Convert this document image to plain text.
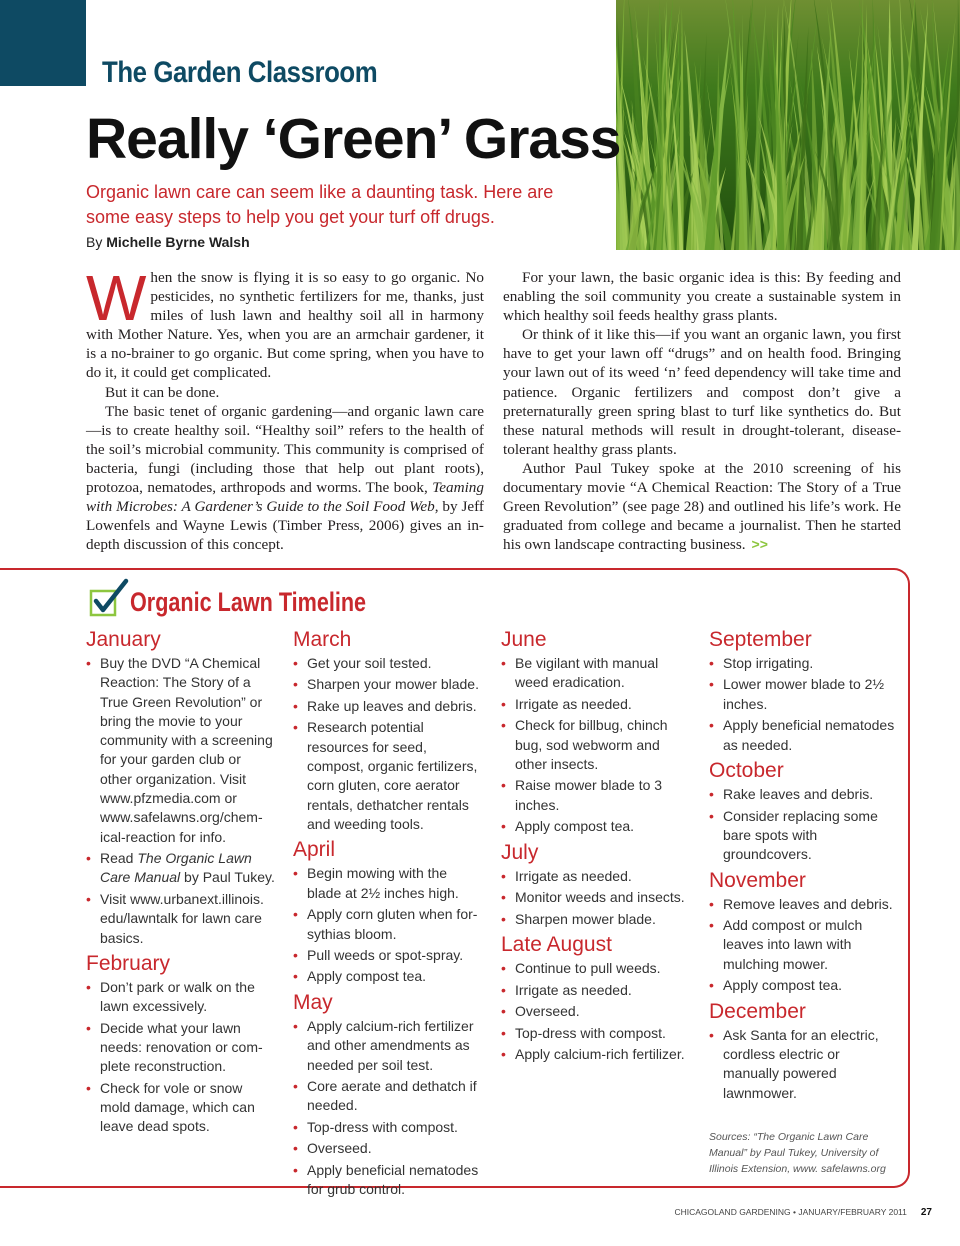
The Garden Classroom
Really ‘Green’ Grass
Organic lawn care can seem like a daunting task. Here are some easy steps to help you get your turf off drugs.
By Michelle Byrne Walsh

When the snow is flying it is so easy to go organic. No pesticides, no synthetic fertilizers for me, thanks, just miles of lush lawn and healthy soil all in harmony with Mother Nature. Yes, when you are an armchair gardener, it is a no-brainer to go organic. But come spring, when you have to do it, it could get complicated.

But it can be done.

The basic tenet of organic gardening—and organic lawn care—is to create healthy soil. “Healthy soil” refers to the health of the soil’s microbial community. This community is comprised of bacteria, fungi (including those that help out plant roots), protozoa, nematodes, arthropods and worms. The book, Teaming with Microbes: A Gardener’s Guide to the Soil Food Web, by Jeff Lowenfels and Wayne Lewis (Timber Press, 2006) gives an in-depth discussion of this concept.

For your lawn, the basic organic idea is this: By feeding and enabling the soil community you create a sustainable system in which healthy soil feeds healthy grass plants.

Or think of it like this—if you want an organic lawn, you first have to get your lawn off “drugs” and on health food. Bringing your lawn out of its weed ‘n’ feed dependency will take time and patience. Organic fertilizers and compost don’t give a preternaturally green spring blast to turf like synthetics do. But these natural methods will result in drought-tolerant, disease-tolerant healthy grass plants.

Author Paul Tukey spoke at the 2010 screening of his documentary movie “A Chemical Reaction: The Story of a True Green Revolution” (see page 28) and outlined his life’s work. He graduated from college and became a journalist. Then he started his own landscape contracting business. >>

Organic Lawn Timeline
January
• Buy the DVD “A Chemical Reaction: The Story of a True Green Revolution” or bring the movie to your community with a screening for your garden club or other organization. Visit www.pfzmedia.com or www.safelawns.org/chem-ical-reaction for info.
• Read The Organic Lawn Care Manual by Paul Tukey.
• Visit www.urbanext.illinois. edu/lawntalk for lawn care basics.
February
• Don’t park or walk on the lawn excessively.
• Decide what your lawn needs: renovation or com-plete reconstruction.
• Check for vole or snow mold damage, which can leave dead spots.
March
• Get your soil tested.
• Sharpen your mower blade.
• Rake up leaves and debris.
• Research potential resources for seed, compost, organic fertilizers, corn gluten, core aerator rentals, dethatcher rentals and weeding tools.
April
• Begin mowing with the blade at 2½ inches high.
• Apply corn gluten when for-sythias bloom.
• Pull weeds or spot-spray.
• Apply compost tea.
May
• Apply calcium-rich fertilizer and other amendments as needed per soil test.
• Core aerate and dethatch if needed.
• Top-dress with compost.
• Overseed.
• Apply beneficial nematodes for grub control.
June
• Be vigilant with manual weed eradication.
• Irrigate as needed.
• Check for billbug, chinch bug, sod webworm and other insects.
• Raise mower blade to 3 inches.
• Apply compost tea.
July
• Irrigate as needed.
• Monitor weeds and insects.
• Sharpen mower blade.
Late August
• Continue to pull weeds.
• Irrigate as needed.
• Overseed.
• Top-dress with compost.
• Apply calcium-rich fertilizer.
September
• Stop irrigating.
• Lower mower blade to 2½ inches.
• Apply beneficial nematodes as needed.
October
• Rake leaves and debris.
• Consider replacing some bare spots with groundcovers.
November
• Remove leaves and debris.
• Add compost or mulch leaves into lawn with mulching mower.
• Apply compost tea.
December
• Ask Santa for an electric, cordless electric or manually powered lawnmower.
Sources: “The Organic Lawn Care Manual” by Paul Tukey, University of Illinois Extension, www. safelawns.org
CHICAGOLAND GARDENING • JANUARY/FEBRUARY 2011 27
